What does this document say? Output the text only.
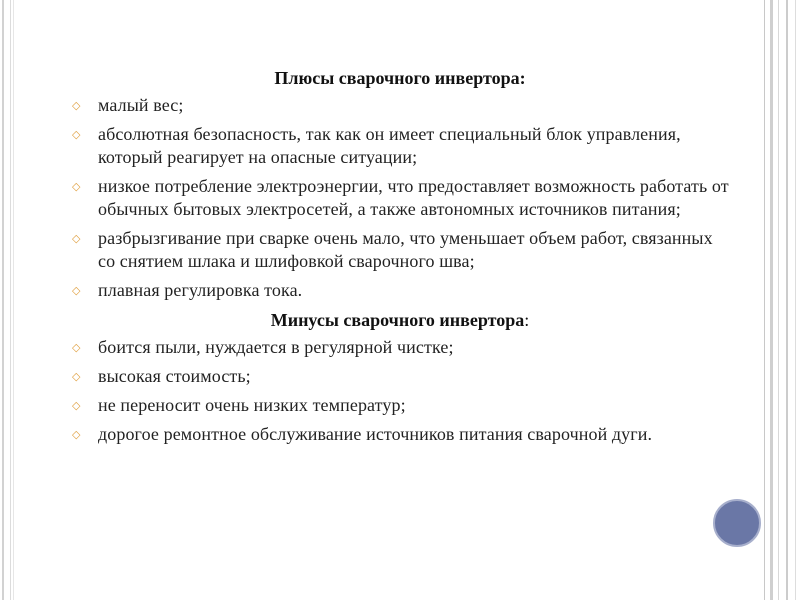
Плюсы сварочного инвертора:
◇ малый вес;
◇ абсолютная безопасность, так как он имеет специальный блок управления, который реагирует на опасные ситуации;
◇ низкое потребление электроэнергии, что предоставляет возможность работать от обычных бытовых электросетей, а также автономных источников питания;
◇ разбрызгивание при сварке очень мало, что уменьшает объем работ, связанных со снятием шлака и шлифовкой сварочного шва;
◇ плавная регулировка тока.
Минусы сварочного инвертора:
◇ боится пыли, нуждается в регулярной чистке;
◇ высокая стоимость;
◇ не переносит очень низких температур;
◇ дорогое ремонтное обслуживание источников питания сварочной дуги.
